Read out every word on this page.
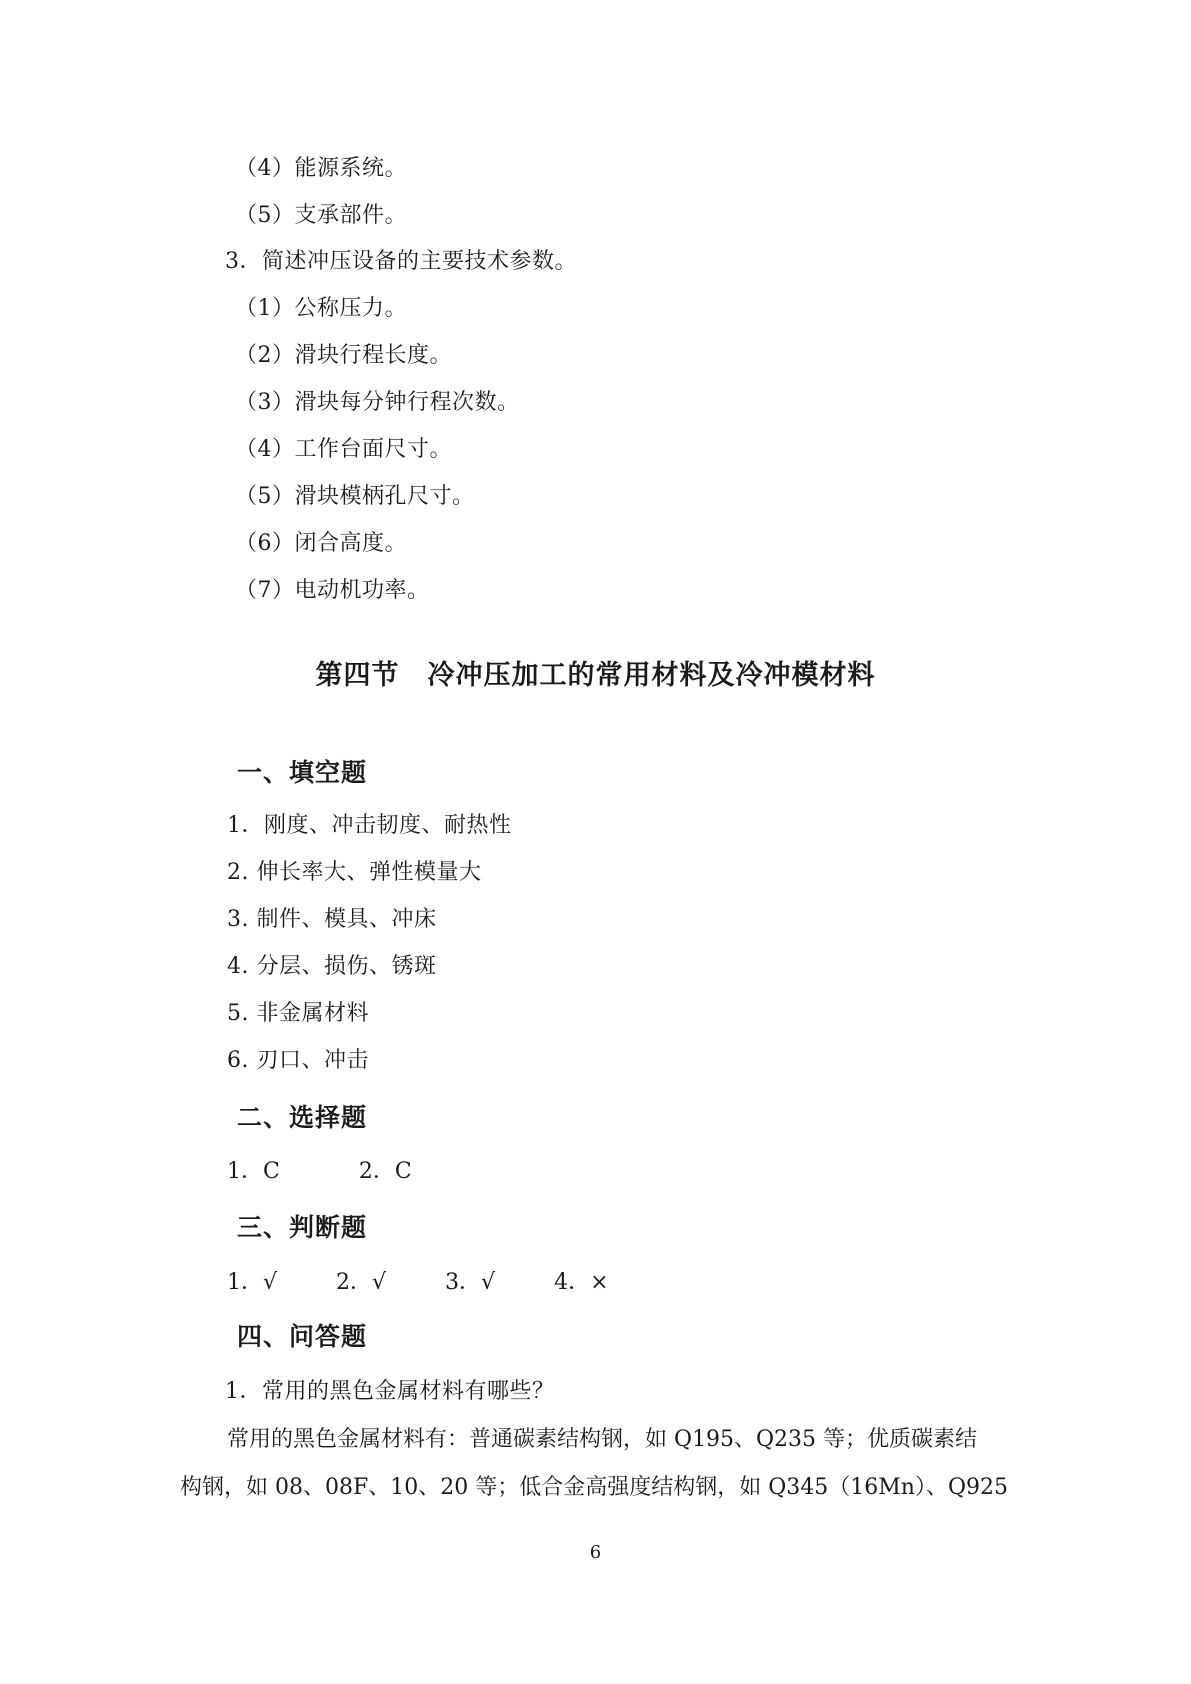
（4）能源系统。
（5）支承部件。
3．简述冲压设备的主要技术参数。
（1）公称压力。
（2）滑块行程长度。
（3）滑块每分钟行程次数。
（4）工作台面尺寸。
（5）滑块模柄孔尺寸。
（6）闭合高度。
（7）电动机功率。
第四节　冷冲压加工的常用材料及冷冲模材料
一、填空题
1．刚度、冲击韧度、耐热性
2. 伸长率大、弹性模量大
3. 制件、模具、冲床
4. 分层、损伤、锈斑
5. 非金属材料
6. 刃口、冲击
二、选择题
1．C	2．C
三、判断题
1．√	2．√	3．√	4．×
四、问答题
1．常用的黑色金属材料有哪些？
常用的黑色金属材料有：普通碳素结构钢，如 Q195、Q235 等；优质碳素结
构钢，如 08、08F、10、20 等；低合金高强度结构钢，如 Q345（16Mn）、Q925
6
